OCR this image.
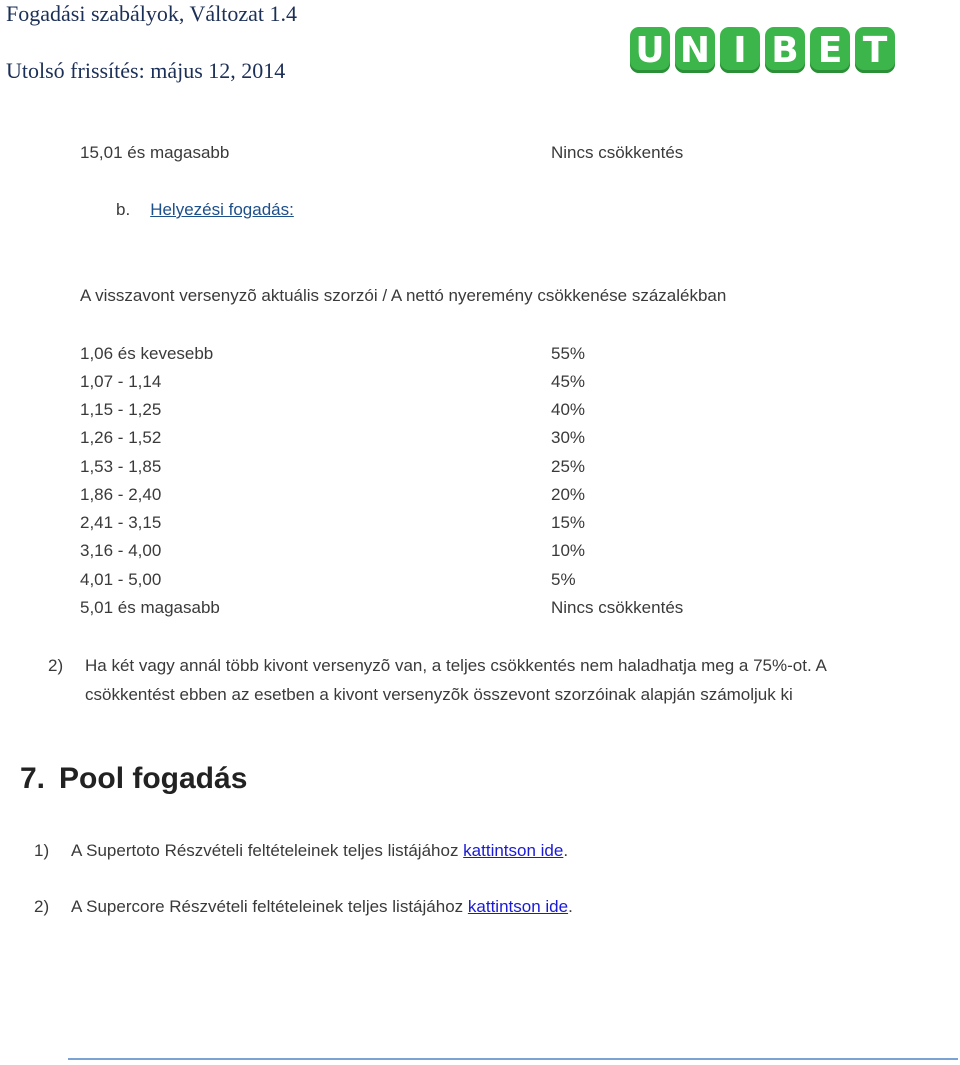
Fogadási szabályok, Változat 1.4
Utolsó frissítés: május 12, 2014	U N I B E T
15,01 és magasabb	Nincs csökkentés
b. Helyezési fogadás:
A visszavont versenyzõ aktuális szorzói / A nettó nyeremény csökkenése százalékban
1,06 és kevesebb	55%
1,07 - 1,14	45%
1,15 - 1,25	40%
1,26 - 1,52	30%
1,53 - 1,85	25%
1,86 - 2,40	20%
2,41 - 3,15	15%
3,16 - 4,00	10%
4,01 - 5,00	5%
5,01 és magasabb	Nincs csökkentés
2) Ha két vagy annál több kivont versenyzõ van, a teljes csökkentés nem haladhatja meg a 75%-ot. A
csökkentést ebben az esetben a kivont versenyzõk összevont szorzóinak alapján számoljuk ki
7. Pool fogadás
1) A Supertoto Részvételi feltételeinek teljes listájához kattintson ide.
2) A Supercore Részvételi feltételeinek teljes listájához kattintson ide.
